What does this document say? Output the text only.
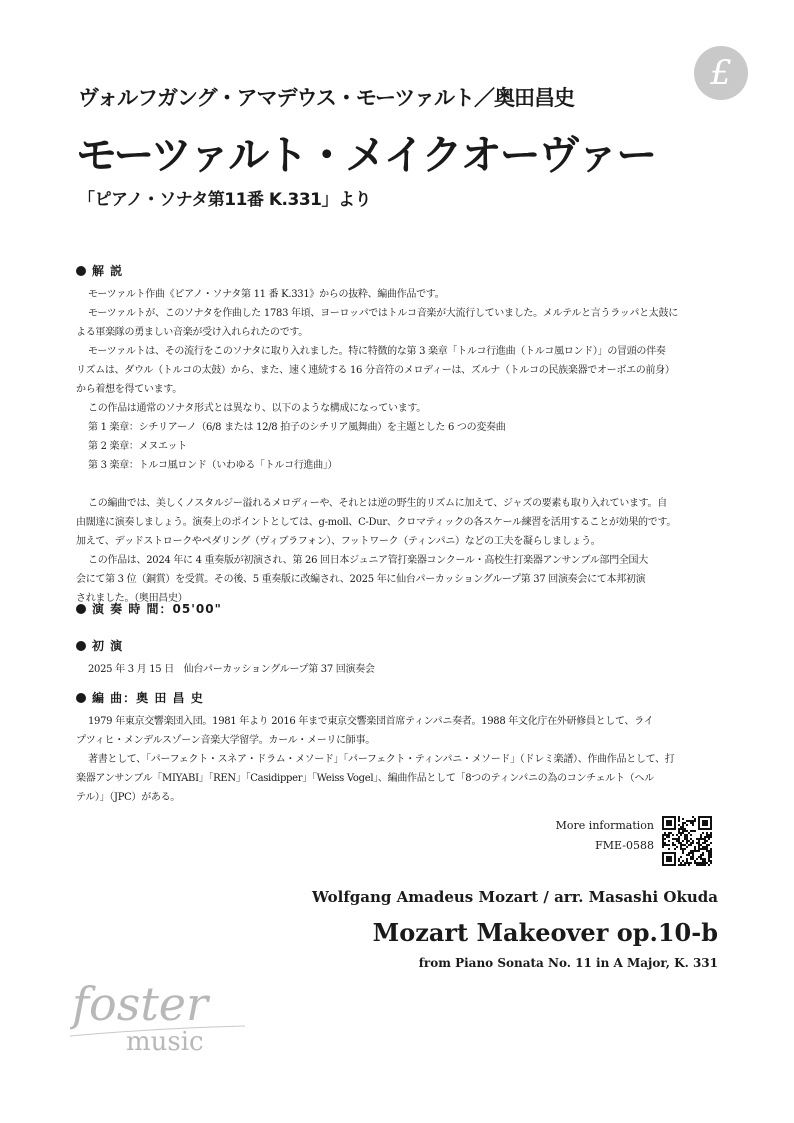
£
ヴォルフガング・アマデウス・モーツァルト／奥田昌史
モーツァルト・メイクオーヴァー
「ピアノ・ソナタ第11番 K.331」より
解 説

モーツァルト作曲《ピアノ・ソナタ第 11 番 K.331》からの抜粋、編曲作品です。

モーツァルトが、このソナタを作曲した 1783 年頃、ヨーロッパではトルコ音楽が大流行していました。メルテルと言うラッパと太鼓に

よる軍楽隊の勇ましい音楽が受け入れられたのです。

モーツァルトは、その流行をこのソナタに取り入れました。特に特徴的な第 3 楽章「トルコ行進曲（トルコ風ロンド）」の冒頭の伴奏

リズムは、ダウル（トルコの太鼓）から、また、速く連続する 16 分音符のメロディーは、ズルナ（トルコの民族楽器でオーボエの前身）

から着想を得ています。

この作品は通常のソナタ形式とは異なり、以下のような構成になっています。

第 1 楽章：シチリアーノ（6/8 または 12/8 拍子のシチリア風舞曲）を主題とした 6 つの変奏曲

第 2 楽章：メヌエット

第 3 楽章：トルコ風ロンド（いわゆる「トルコ行進曲」）

この編曲では、美しくノスタルジー溢れるメロディーや、それとは逆の野生的リズムに加えて、ジャズの要素も取り入れています。自

由闊達に演奏しましょう。演奏上のポイントとしては、g-moll、C-Dur、クロマティックの各スケール練習を活用することが効果的です。

加えて、デッドストロークやペダリング（ヴィブラフォン）、フットワーク（ティンパニ）などの工夫を凝らしましょう。

この作品は、2024 年に 4 重奏版が初演され、第 26 回日本ジュニア管打楽器コンクール・高校生打楽器アンサンブル部門全国大

会にて第 3 位（銅賞）を受賞。その後、5 重奏版に改編され、2025 年に仙台パーカッショングループ第 37 回演奏会にて本邦初演

されました。（奥田昌史）

演 奏 時 間：05'00"
初 演

2025 年 3 月 15 日　仙台パーカッショングループ第 37 回演奏会

編 曲：奥 田 昌 史

1979 年東京交響楽団入団。1981 年より 2016 年まで東京交響楽団首席ティンパニ奏者。1988 年文化庁在外研修員として、ライ

プツィヒ・メンデルスゾーン音楽大学留学。カール・メーリに師事。

著書として、「パーフェクト・スネア・ドラム・メソード」「パーフェクト・ティンパニ・メソード」（ドレミ楽譜）、作曲作品として、打

楽器アンサンブル「MIYABI」「REN」「Casidipper」「Weiss Vogel」、編曲作品として「8つのティンパニの為のコンチェルト（ヘル

テル）」（JPC）がある。

More information
FME-0588
Wolfgang Amadeus Mozart / arr. Masashi Okuda
Mozart Makeover op.10-b
from Piano Sonata No. 11 in A Major, K. 331
foster
music
